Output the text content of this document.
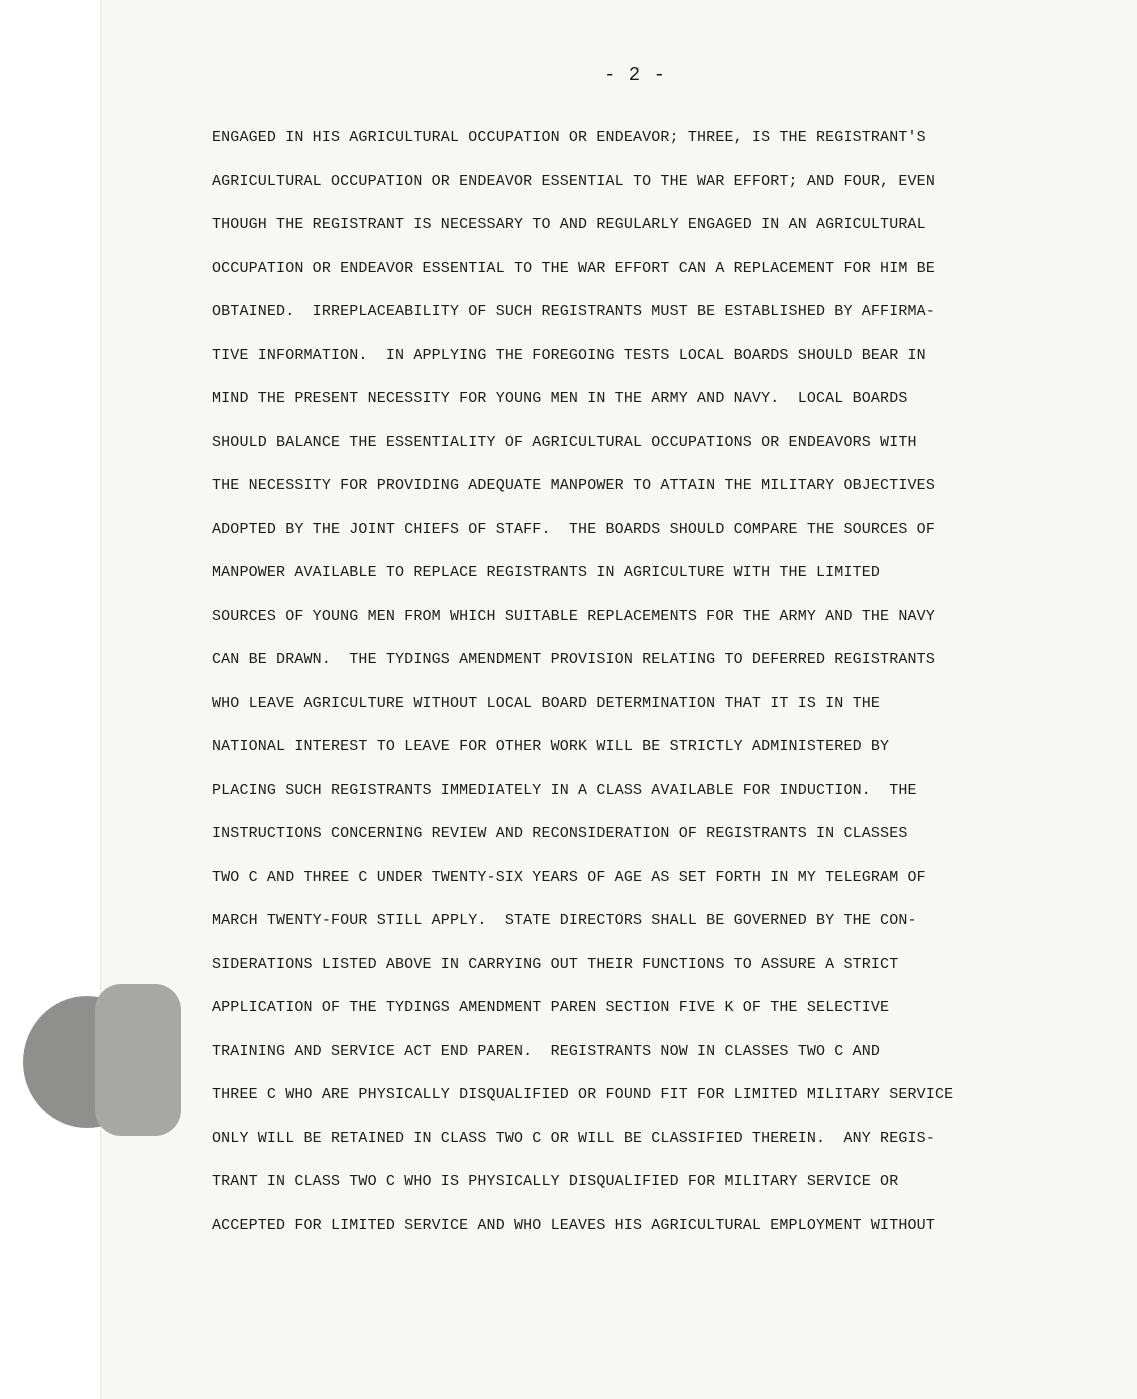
- 2 -
ENGAGED IN HIS AGRICULTURAL OCCUPATION OR ENDEAVOR; THREE, IS THE REGISTRANT'S
AGRICULTURAL OCCUPATION OR ENDEAVOR ESSENTIAL TO THE WAR EFFORT; AND FOUR, EVEN
THOUGH THE REGISTRANT IS NECESSARY TO AND REGULARLY ENGAGED IN AN AGRICULTURAL
OCCUPATION OR ENDEAVOR ESSENTIAL TO THE WAR EFFORT CAN A REPLACEMENT FOR HIM BE
OBTAINED.  IRREPLACEABILITY OF SUCH REGISTRANTS MUST BE ESTABLISHED BY AFFIRMA-
TIVE INFORMATION.  IN APPLYING THE FOREGOING TESTS LOCAL BOARDS SHOULD BEAR IN
MIND THE PRESENT NECESSITY FOR YOUNG MEN IN THE ARMY AND NAVY.  LOCAL BOARDS
SHOULD BALANCE THE ESSENTIALITY OF AGRICULTURAL OCCUPATIONS OR ENDEAVORS WITH
THE NECESSITY FOR PROVIDING ADEQUATE MANPOWER TO ATTAIN THE MILITARY OBJECTIVES
ADOPTED BY THE JOINT CHIEFS OF STAFF.  THE BOARDS SHOULD COMPARE THE SOURCES OF
MANPOWER AVAILABLE TO REPLACE REGISTRANTS IN AGRICULTURE WITH THE LIMITED
SOURCES OF YOUNG MEN FROM WHICH SUITABLE REPLACEMENTS FOR THE ARMY AND THE NAVY
CAN BE DRAWN.  THE TYDINGS AMENDMENT PROVISION RELATING TO DEFERRED REGISTRANTS
WHO LEAVE AGRICULTURE WITHOUT LOCAL BOARD DETERMINATION THAT IT IS IN THE
NATIONAL INTEREST TO LEAVE FOR OTHER WORK WILL BE STRICTLY ADMINISTERED BY
PLACING SUCH REGISTRANTS IMMEDIATELY IN A CLASS AVAILABLE FOR INDUCTION.  THE
INSTRUCTIONS CONCERNING REVIEW AND RECONSIDERATION OF REGISTRANTS IN CLASSES
TWO C AND THREE C UNDER TWENTY-SIX YEARS OF AGE AS SET FORTH IN MY TELEGRAM OF
MARCH TWENTY-FOUR STILL APPLY.  STATE DIRECTORS SHALL BE GOVERNED BY THE CON-
SIDERATIONS LISTED ABOVE IN CARRYING OUT THEIR FUNCTIONS TO ASSURE A STRICT
APPLICATION OF THE TYDINGS AMENDMENT PAREN SECTION FIVE K OF THE SELECTIVE
TRAINING AND SERVICE ACT END PAREN.  REGISTRANTS NOW IN CLASSES TWO C AND
THREE C WHO ARE PHYSICALLY DISQUALIFIED OR FOUND FIT FOR LIMITED MILITARY SERVICE
ONLY WILL BE RETAINED IN CLASS TWO C OR WILL BE CLASSIFIED THEREIN.  ANY REGIS-
TRANT IN CLASS TWO C WHO IS PHYSICALLY DISQUALIFIED FOR MILITARY SERVICE OR
ACCEPTED FOR LIMITED SERVICE AND WHO LEAVES HIS AGRICULTURAL EMPLOYMENT WITHOUT
